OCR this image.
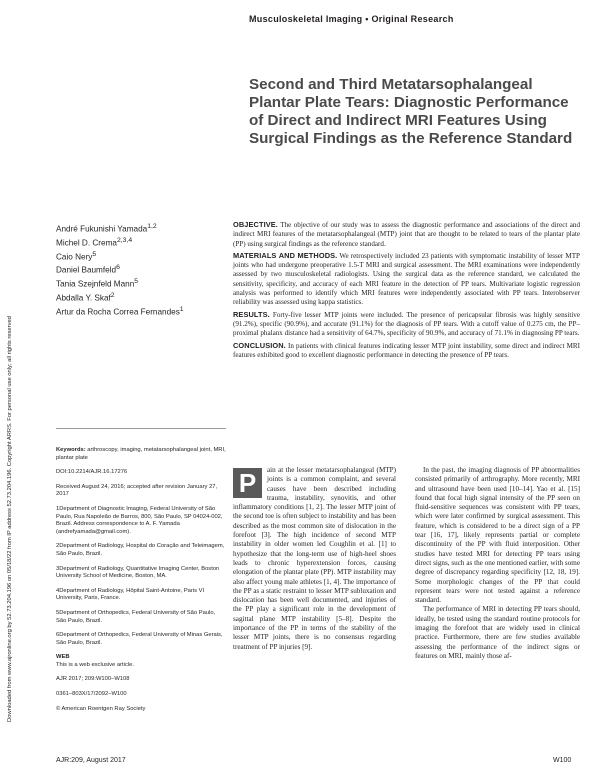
Musculoskeletal Imaging • Original Research
Downloaded from www.ajronline.org by 52.73.204.196 on 05/18/22 from IP address 52.73.204.196. Copyright ARRS. For personal use only; all rights reserved
Second and Third Metatarsophalangeal Plantar Plate Tears: Diagnostic Performance of Direct and Indirect MRI Features Using Surgical Findings as the Reference Standard
André Fukunishi Yamada$^{1,2}$
Michel D. Crema$^{2,3,4}$
Caio Nery$^5$
Daniel Baumfeld$^6$
Tania Szejnfeld Mann$^5$
Abdalla Y. Skaf$^2$
Artur da Rocha Correa Fernandes$^1$

OBJECTIVE. The objective of our study was to assess the diagnostic performance and associations of the direct and indirect MRI features of the metatarsophalangeal (MTP) joint that are thought to be related to tears of the plantar plate (PP) using surgical findings as the reference standard.

MATERIALS AND METHODS. We retrospectively included 23 patients with symptomatic instability of lesser MTP joints who had undergone preoperative 1.5-T MRI and surgical assessment. The MRI examinations were independently assessed by two musculoskeletal radiologists. Using the surgical data as the reference standard, we calculated the sensitivity, specificity, and accuracy of each MRI feature in the detection of PP tears. Multivariate logistic regression analysis was performed to identify which MRI features were independently associated with PP tears. Interobserver reliability was assessed using kappa statistics.

RESULTS. Forty-five lesser MTP joints were included. The presence of pericapsular fibrosis was highly sensitive (91.2%), specific (90.9%), and accurate (91.1%) for the diagnosis of PP tears. With a cutoff value of 0.275 cm, the PP–proximal phalanx distance had a sensitivity of 64.7%, specificity of 90.9%, and accuracy of 71.1% in diagnosing PP tears.

CONCLUSION. In patients with clinical features indicating lesser MTP joint instability, some direct and indirect MRI features exhibited good to excellent diagnostic performance in detecting the presence of PP tears.

Keywords: arthroscopy, imaging, metatarsophalangeal joint, MRI, plantar plate
DOI:10.2214/AJR.16.17276
Received August 24, 2016; accepted after revision January 27, 2017
1Department of Diagnostic Imaging, Federal University of São Paulo, Rua Napoleão de Barros, 800, São Paulo, SP 04024-002, Brazil. Address correspondence to A. F. Yamada (andrefyamada@gmail.com).
2Department of Radiology, Hospital do Coração and Teleimagem, São Paulo, Brazil.
3Department of Radiology, Quantitative Imaging Center, Boston University School of Medicine, Boston, MA.
4Department of Radiology, Hôpital Saint-Antoine, Paris VI University, Paris, France.
5Department of Orthopedics, Federal University of São Paulo, São Paulo, Brazil.
6Department of Orthopedics, Federal University of Minas Gerais, São Paulo, Brazil.
WEB
This is a web exclusive article.
AJR 2017; 209:W100–W108
0361–803X/17/2092–W100
© American Roentgen Ray Society
P	ain at the lesser metatarsophalangeal (MTP) joints is a common complaint, and several causes have been described including trauma, instability, synovitis, and other inflammatory conditions [1, 2]. The lesser MTP joint of the second toe is often subject to instability and has been described as the most common site of dislocation in the forefoot [3]. The high incidence of second MTP instability in older women led Coughlin et al. [1] to hypothesize that the long-term use of high-heel shoes leads to chronic hyperextension forces, causing elongation of the plantar plate (PP). MTP instability may also affect young male athletes [1, 4]. The importance of the PP as a static restraint to lesser MTP subluxation and dislocation has been well documented, and injuries of the PP play a significant role in the development of sagittal plane MTP instability [5–8]. Despite the importance of the PP in terms of the stability of the lesser MTP joints, there is no consensus regarding treatment of PP injuries [9].

In the past, the imaging diagnosis of PP abnormalities consisted primarily of arthrography. More recently, MRI and ultrasound have been used [10–14]. Yao et al. [15] found that focal high signal intensity of the PP seen on fluid-sensitive sequences was consistent with PP tears, which were later confirmed by surgical assessment. This feature, which is considered to be a direct sign of a PP tear [16, 17], likely represents partial or complete discontinuity of the PP with fluid interposition. Other studies have tested MRI for detecting PP tears using direct signs, such as the one mentioned earlier, with some degree of discrepancy regarding specificity [12, 18, 19]. Some morphologic changes of the PP that could represent tears were not tested against a reference standard.

The performance of MRI in detecting PP tears should, ideally, be tested using the standard routine protocols for imaging the forefoot that are widely used in clinical practice. Furthermore, there are few studies available assessing the performance of the indirect signs or features on MRI, mainly those af-

AJR:209, August 2017	W100
